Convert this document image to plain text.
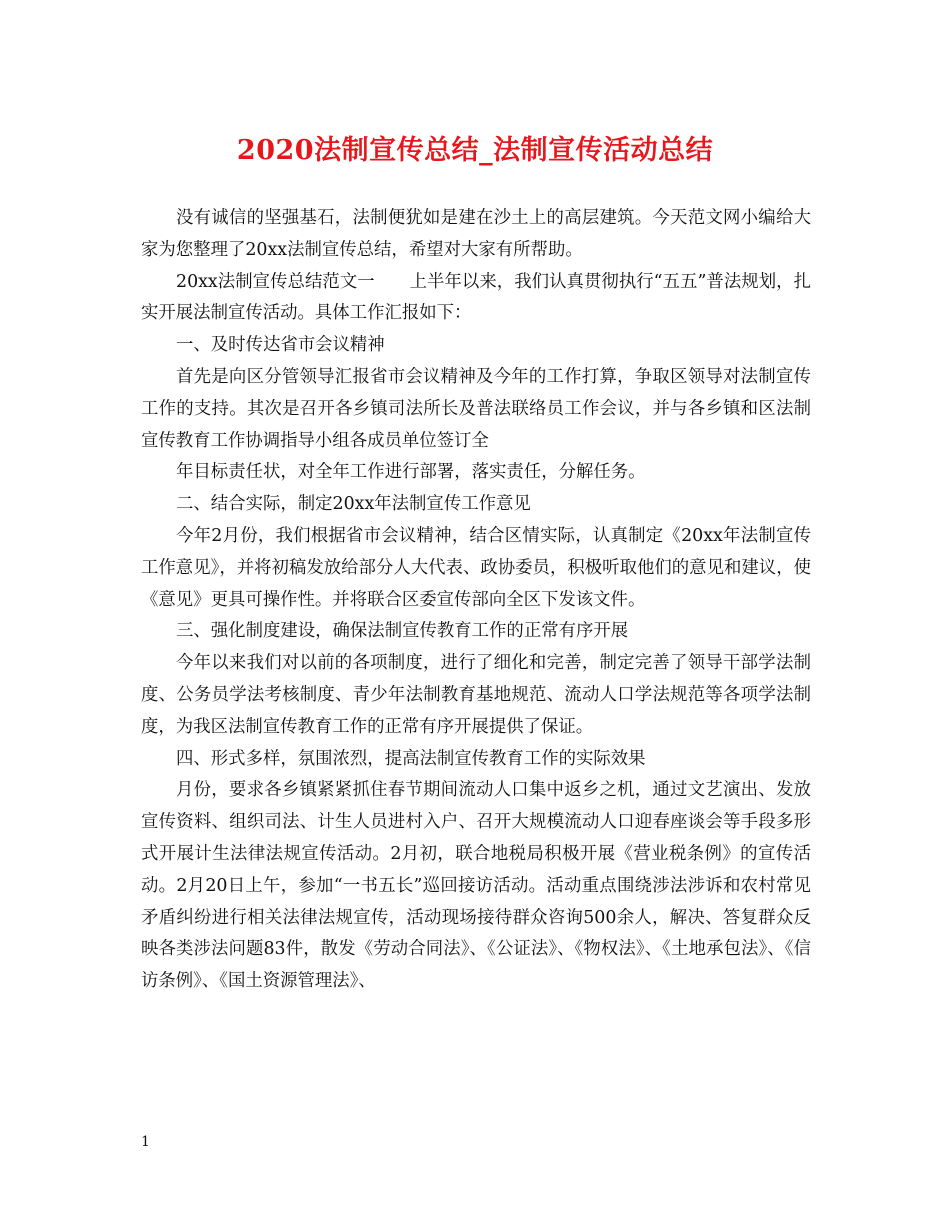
2020法制宣传总结_法制宣传活动总结

没有诚信的坚强基石，法制便犹如是建在沙土上的高层建筑。今天范文网小编给大家为您整理了20xx法制宣传总结，希望对大家有所帮助。

20xx法制宣传总结范文一　　上半年以来，我们认真贯彻执行“五五”普法规划，扎实开展法制宣传活动。具体工作汇报如下：

一、及时传达省市会议精神

首先是向区分管领导汇报省市会议精神及今年的工作打算，争取区领导对法制宣传工作的支持。其次是召开各乡镇司法所长及普法联络员工作会议，并与各乡镇和区法制宣传教育工作协调指导小组各成员单位签订全

年目标责任状，对全年工作进行部署，落实责任，分解任务。

二、结合实际，制定20xx年法制宣传工作意见

今年2月份，我们根据省市会议精神，结合区情实际，认真制定《20xx年法制宣传工作意见》，并将初稿发放给部分人大代表、政协委员，积极听取他们的意见和建议，使《意见》更具可操作性。并将联合区委宣传部向全区下发该文件。

三、强化制度建设，确保法制宣传教育工作的正常有序开展

今年以来我们对以前的各项制度，进行了细化和完善，制定完善了领导干部学法制度、公务员学法考核制度、青少年法制教育基地规范、流动人口学法规范等各项学法制度，为我区法制宣传教育工作的正常有序开展提供了保证。

四、形式多样，氛围浓烈，提高法制宣传教育工作的实际效果

月份，要求各乡镇紧紧抓住春节期间流动人口集中返乡之机，通过文艺演出、发放宣传资料、组织司法、计生人员进村入户、召开大规模流动人口迎春座谈会等手段多形式开展计生法律法规宣传活动。2月初，联合地税局积极开展《营业税条例》的宣传活动。2月20日上午，参加“一书五长”巡回接访活动。活动重点围绕涉法涉诉和农村常见矛盾纠纷进行相关法律法规宣传，活动现场接待群众咨询500余人，解决、答复群众反映各类涉法问题83件，散发《劳动合同法》、《公证法》、《物权法》、《土地承包法》、《信访条例》、《国土资源管理法》、

1
